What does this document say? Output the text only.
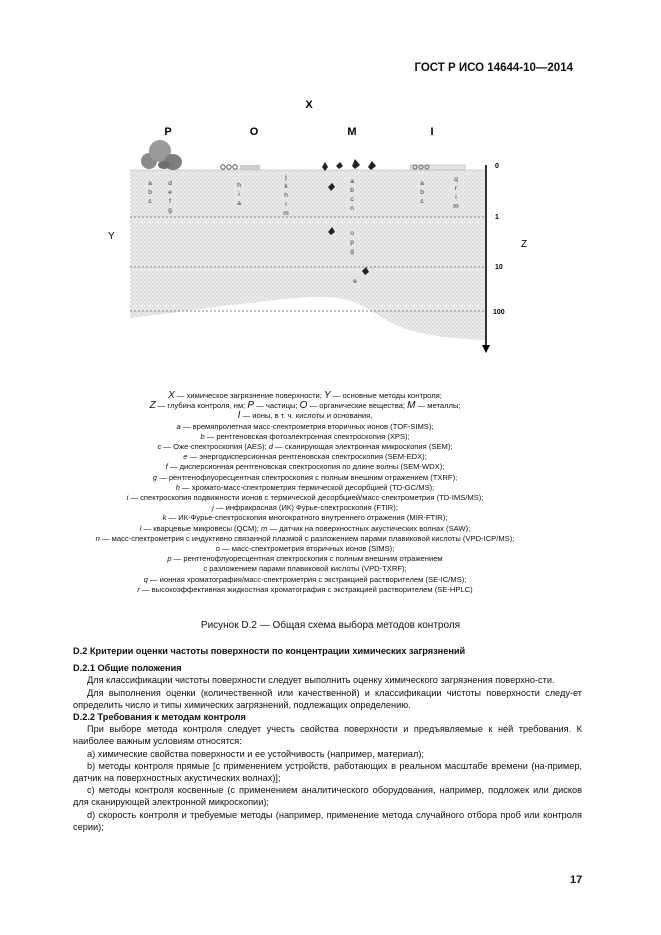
ГОСТ Р ИСО 14644-10—2014
X
Y
Z
P	O	M	I
0
1
10
100
a
b
c
d
e
f
g
h
i
a
j
k
h
i
m
a
b
c
n
o
p
g
e
a
b
c
q
r
i
m
X — химическое загрязнение поверхности; Y — основные методы контроля;
Z — глубина контроля, нм; P — частицы; O — органические вещества; M — металлы;
I — ионы, в т. ч. кислоты и основания,
a — времяпролетная масс-спектрометрия вторичных ионов (TOF-SIMS);
b — рентгеновская фотоэлектронная спектроскопия (XPS);
c — Оже-спектроскопия (AES); d — сканирующая электронная микроскопия (SEM);
e — энергодисперсионная рентгеновская спектроскопия (SEM-EDX);
f — дисперсионная рентгеновская спектроскопия по длине волны (SEM-WDX);
g — рентгенофлуоресцентная спектроскопия с полным внешним отражением (TXRF);
h — хромато-масс-спектрометрия термической десорбцией (TD-GC/MS);
i — спектроскопия подвижности ионов с термической десорбцией/масс-спектрометрия (TD-IMS/MS);
j — инфракрасная (ИК) Фурье-спектроскопия (FTIR);
k — ИК-Фурье-спектроскопия многократного внутреннего отражения (MIR-FTIR);
l — кварцевые микровесы (QCM); m — датчик на поверхностных акустических волнах (SAW);
n — масс-спектрометрия с индуктивно связанной плазмой с разложением парами плавиковой кислоты (VPD-ICP/MS);
o — масс-спектрометрия вторичных ионов (SIMS);
p — рентгенофлуоресцентная спектроскопия с полным внешним отражением
с разложением парами плавиковой кислоты (VPD-TXRF);
q — ионная хроматография/масс-спектрометрия с экстракцией растворителем (SE-IC/MS);
r — высокоэффективная жидкостная хроматография с экстракцией растворителем (SE-HPLC)
Рисунок D.2 — Общая схема выбора методов контроля

D.2 Критерии оценки частоты поверхности по концентрации химических загрязнений

D.2.1 Общие положения

Для классификации чистоты поверхности следует выполнить оценку химического загрязнения поверхно-сти.

Для выполнения оценки (количественной или качественной) и классификации чистоты поверхности следу-ет определить число и типы химических загрязнений, подлежащих определению.

D.2.2 Требования к методам контроля

При выборе метода контроля следует учесть свойства поверхности и предъявляемые к ней требования. К наиболее важным условиям относятся:

а) химические свойства поверхности и ее устойчивость (например, материал);

b) методы контроля прямые [с применением устройств, работающих в реальном масштабе времени (на-пример, датчик на поверхностных акустических волнах)];

с) методы контроля косвенные (с применением аналитического оборудования, например, подложек или дисков для сканирующей электронной микроскопии);

d) скорость контроля и требуемые методы (например, применение метода случайного отбора проб или контроля серии);

17
